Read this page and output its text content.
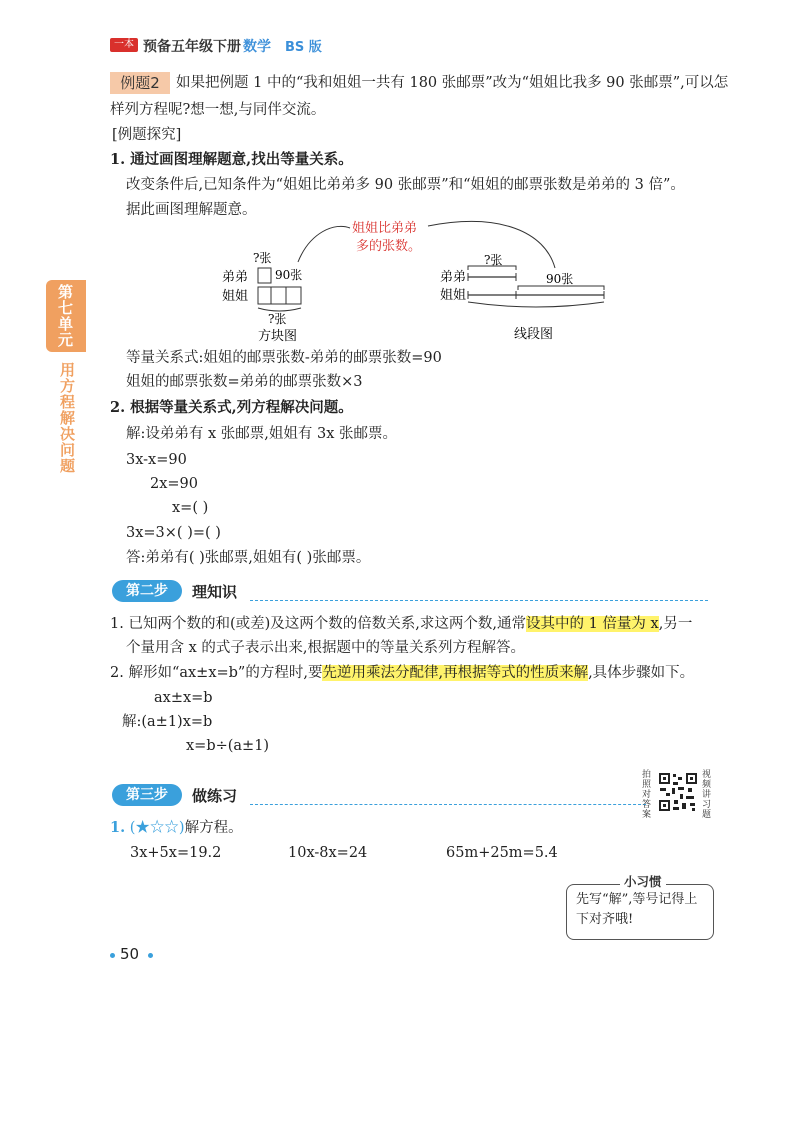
一本 预备五年级下册 数学 BS 版
第七单元
用方程解决问题
例题2	如果把例题 1 中的“我和姐姐一共有 180 张邮票”改为“姐姐比我多 90 张邮票”,可以怎
样列方程呢?想一想,与同伴交流。
[例题探究]
1. 通过画图理解题意,找出等量关系。
改变条件后,已知条件为“姐姐比弟弟多 90 张邮票”和“姐姐的邮票张数是弟弟的 3 倍”。
据此画图理解题意。
姐姐比弟弟
多的张数。
?张
弟弟 90张
姐姐
?张
方块图
?张
弟弟	90张
姐姐
线段图
等量关系式:姐姐的邮票张数-弟弟的邮票张数=90
姐姐的邮票张数=弟弟的邮票张数×3
2. 根据等量关系式,列方程解决问题。
解:设弟弟有 x 张邮票,姐姐有 3x 张邮票。
3x-x=90
2x=90
x=( )
3x=3×( )=( )
答:弟弟有( )张邮票,姐姐有( )张邮票。
第二步	理知识
1. 已知两个数的和(或差)及这两个数的倍数关系,求这两个数,通常设其中的 1 倍量为 x,另一
个量用含 x 的式子表示出来,根据题中的等量关系列方程解答。
2. 解形如“ax±x=b”的方程时,要先逆用乘法分配律,再根据等式的性质来解,具体步骤如下。
ax±x=b
解:(a±1)x=b
x=b÷(a±1)
第三步	做练习
拍照对答案
视频讲习题
1. (★☆☆)解方程。
3x+5x=19.2	10x-8x=24	65m+25m=5.4
小习惯
先写“解”,等号记得上下对齐哦!
50
